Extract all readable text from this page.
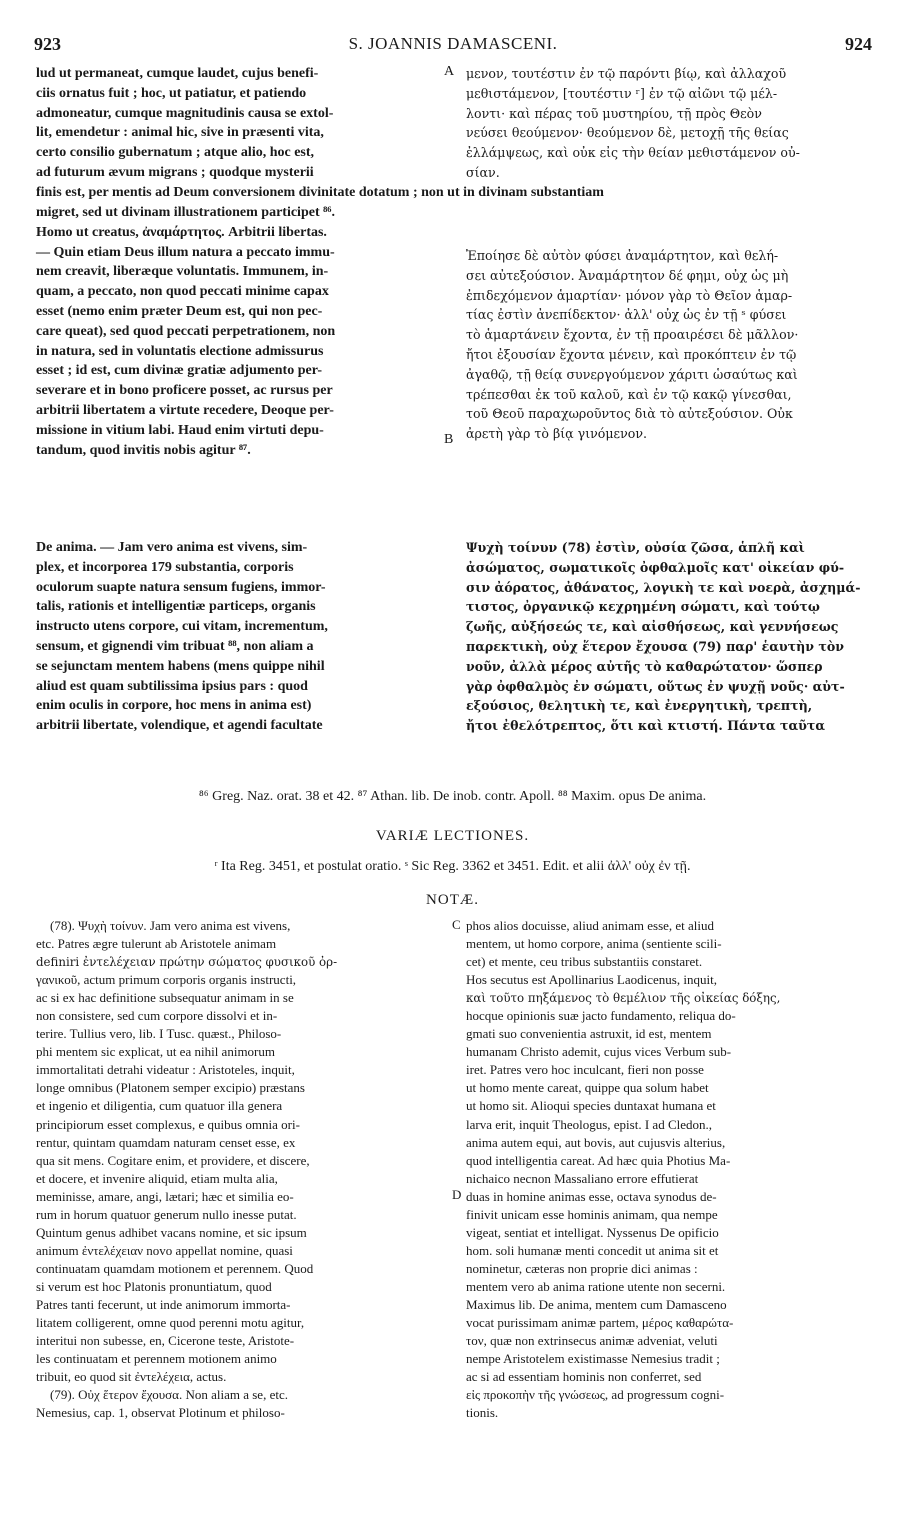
923	S. JOANNIS DAMASCENI.	924

lud ut permaneat, cumque laudet, cujus benefi-

ciis ornatus fuit ; hoc, ut patiatur, et patiendo

admoneatur, cumque magnitudinis causa se extol-

lit, emendetur : animal hic, sive in præsenti vita,

certo consilio gubernatum ; atque alio, hoc est,

ad futurum ævum migrans ; quodque mysterii

A μενον, τουτέστιν ἐν τῷ παρόντι βίῳ, καὶ ἀλλαχοῦ

μεθιστάμενον, [τουτέστιν ʳ] ἐν τῷ αἰῶνι τῷ μέλ-

λοντι· καὶ πέρας τοῦ μυστηρίου, τῇ πρὸς Θεὸν

νεύσει θεούμενον· θεούμενον δὲ, μετοχῇ τῆς θείας

ἐλλάμψεως, καὶ οὐκ εἰς τὴν θείαν μεθιστάμενον οὐ-

σίαν.

finis est, per mentis ad Deum conversionem divinitate dotatum ; non ut in divinam substantiam

migret, sed ut divinam illustrationem participet ⁸⁶.

Homo ut creatus, ἀναμάρτητος. Arbitrii libertas.

— Quin etiam Deus illum natura a peccato immu-

nem creavit, liberæque voluntatis. Immunem, in-

quam, a peccato, non quod peccati minime capax

esset (nemo enim præter Deum est, qui non pec-

care queat), sed quod peccati perpetrationem, non

in natura, sed in voluntatis electione admissurus

esset ; id est, cum divinæ gratiæ adjumento per-

severare et in bono proficere posset, ac rursus per

arbitrii libertatem a virtute recedere, Deoque per-

missione in vitium labi. Haud enim virtuti depu-

tandum, quod invitis nobis agitur ⁸⁷.

B

Ἐποίησε δὲ αὐτὸν φύσει ἀναμάρτητον, καὶ θελή-

σει αὐτεξούσιον. Ἀναμάρτητον δέ φημι, οὐχ ὡς μὴ

ἐπιδεχόμενον ἁμαρτίαν· μόνον γὰρ τὸ Θεῖον ἁμαρ-

τίας ἐστὶν ἀνεπίδεκτον· ἀλλ' οὐχ ὡς ἐν τῇ ˢ φύσει

τὸ ἁμαρτάνειν ἔχοντα, ἐν τῇ προαιρέσει δὲ μᾶλλον·

ἤτοι ἐξουσίαν ἔχοντα μένειν, καὶ προκόπτειν ἐν τῷ

ἀγαθῷ, τῇ θείᾳ συνεργούμενον χάριτι ὡσαύτως καὶ

τρέπεσθαι ἐκ τοῦ καλοῦ, καὶ ἐν τῷ κακῷ γίνεσθαι,

τοῦ Θεοῦ παραχωροῦντος διὰ τὸ αὐτεξούσιον. Οὐκ

ἀρετὴ γὰρ τὸ βίᾳ γινόμενον.

De anima. — Jam vero anima est vivens, sim-

plex, et incorporea 179 substantia, corporis

oculorum suapte natura sensum fugiens, immor-

talis, rationis et intelligentiæ particeps, organis

instructo utens corpore, cui vitam, incrementum,

sensum, et gignendi vim tribuat ⁸⁸, non aliam a

se sejunctam mentem habens (mens quippe nihil

aliud est quam subtilissima ipsius pars : quod

enim oculis in corpore, hoc mens in anima est)

arbitrii libertate, volendique, et agendi facultate

Ψυχὴ τοίνυν (78) ἐστὶν, οὐσία ζῶσα, ἁπλῆ καὶ

ἀσώματος, σωματικοῖς ὀφθαλμοῖς κατ' οἰκείαν φύ-

σιν ἀόρατος, ἀθάνατος, λογικὴ τε καὶ νοερὰ, ἀσχημά-

τιστος, ὀργανικῷ κεχρημένη σώματι, καὶ τούτῳ

ζωῆς, αὐξήσεώς τε, καὶ αἰσθήσεως, καὶ γεννήσεως

παρεκτικὴ, οὐχ ἕτερον ἔχουσα (79) παρ' ἑαυτὴν τὸν

νοῦν, ἀλλὰ μέρος αὐτῆς τὸ καθαρώτατον· ὥσπερ

γὰρ ὀφθαλμὸς ἐν σώματι, οὕτως ἐν ψυχῇ νοῦς· αὐτ-

εξούσιος, θελητικὴ τε, καὶ ἐνεργητικὴ, τρεπτὴ,

ἤτοι ἐθελότρεπτος, ὅτι καὶ κτιστή. Πάντα ταῦτα

⁸⁶ Greg. Naz. orat. 38 et 42. ⁸⁷ Athan. lib. De inob. contr. Apoll. ⁸⁸ Maxim. opus De anima.
VARIÆ LECTIONES.
ʳ Ita Reg. 3451, et postulat oratio. ˢ Sic Reg. 3362 et 3451. Edit. et alii ἀλλ' οὐχ ἐν τῇ.
NOTÆ.

(78). Ψυχὴ τοίνυν. Jam vero anima est vivens,

etc. Patres ægre tulerunt ab Aristotele animam

definiri ἐντελέχειαν πρώτην σώματος φυσικοῦ ὀρ-

γανικοῦ, actum primum corporis organis instructi,

ac si ex hac definitione subsequatur animam in se

non consistere, sed cum corpore dissolvi et in-

terire. Tullius vero, lib. I Tusc. quæst., Philoso-

phi mentem sic explicat, ut ea nihil animorum

immortalitati detrahi videatur : Aristoteles, inquit,

longe omnibus (Platonem semper excipio) præstans

et ingenio et diligentia, cum quatuor illa genera

principiorum esset complexus, e quibus omnia ori-

rentur, quintam quamdam naturam censet esse, ex

qua sit mens. Cogitare enim, et providere, et discere,

et docere, et invenire aliquid, etiam multa alia,

meminisse, amare, angi, lætari; hæc et similia eo-

rum in horum quatuor generum nullo inesse putat.

Quintum genus adhibet vacans nomine, et sic ipsum

animum ἐντελέχειαν novo appellat nomine, quasi

continuatam quamdam motionem et perennem. Quod

si verum est hoc Platonis pronuntiatum, quod

Patres tanti fecerunt, ut inde animorum immorta-

litatem colligerent, omne quod perenni motu agitur,

interitui non subesse, en, Cicerone teste, Aristote-

les continuatam et perennem motionem animo

tribuit, eo quod sit ἐντελέχεια, actus.

(79). Οὐχ ἕτερον ἔχουσα. Non aliam a se, etc.

Nemesius, cap. 1, observat Plotinum et philoso-

C
D

phos alios docuisse, aliud animam esse, et aliud

mentem, ut homo corpore, anima (sentiente scili-

cet) et mente, ceu tribus substantiis constaret.

Hos secutus est Apollinarius Laodicenus, inquit,

καὶ τοῦτο πηξάμενος τὸ θεμέλιον τῆς οἰκείας δόξης,

hocque opinionis suæ jacto fundamento, reliqua do-

gmati suo convenientia astruxit, id est, mentem

humanam Christo ademit, cujus vices Verbum sub-

iret. Patres vero hoc inculcant, fieri non posse

ut homo mente careat, quippe qua solum habet

ut homo sit. Alioqui species duntaxat humana et

larva erit, inquit Theologus, epist. I ad Cledon.,

anima autem equi, aut bovis, aut cujusvis alterius,

quod intelligentia careat. Ad hæc quia Photius Ma-

nichaico necnon Massaliano errore effutierat

duas in homine animas esse, octava synodus de-

finivit unicam esse hominis animam, qua nempe

vigeat, sentiat et intelligat. Nyssenus De opificio

hom. soli humanæ menti concedit ut anima sit et

nominetur, cæteras non proprie dici animas :

mentem vero ab anima ratione utente non secerni.

Maximus lib. De anima, mentem cum Damasceno

vocat purissimam animæ partem, μέρος καθαρώτα-

τον, quæ non extrinsecus animæ adveniat, veluti

nempe Aristotelem existimasse Nemesius tradit ;

ac si ad essentiam hominis non conferret, sed

εἰς προκοπὴν τῆς γνώσεως, ad progressum cogni-

tionis.
